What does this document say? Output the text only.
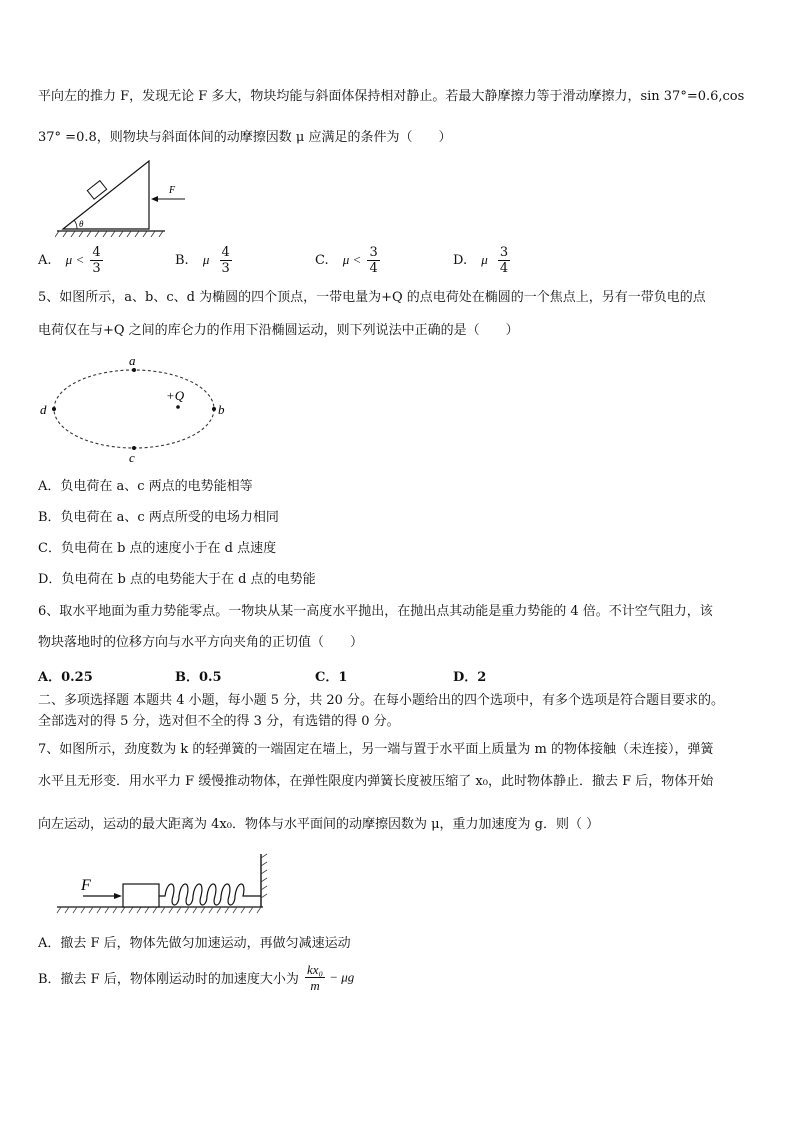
平向左的推力 F，发现无论 F 多大，物块均能与斜面体保持相对静止。若最大静摩擦力等于滑动摩擦力，sin 37°=0.6,cos
37° =0.8，则物块与斜面体间的动摩擦因数 μ 应满足的条件为（　　）
θ
F
A. $\mu < \frac{4}{3}$	B. μ $\frac{4}{3}$	C. $\mu < \frac{3}{4}$	D. μ $\frac{3}{4}$
5、如图所示，a、b、c、d 为椭圆的四个顶点，一带电量为+Q 的点电荷处在椭圆的一个焦点上，另有一带负电的点
电荷仅在与+Q 之间的库仑力的作用下沿椭圆运动，则下列说法中正确的是（　　）
a
b
c
d
+Q
A．负电荷在 a、c 两点的电势能相等
B．负电荷在 a、c 两点所受的电场力相同
C．负电荷在 b 点的速度小于在 d 点速度
D．负电荷在 b 点的电势能大于在 d 点的电势能
6、取水平地面为重力势能零点。一物块从某一高度水平抛出，在抛出点其动能是重力势能的 4 倍。不计空气阻力，该
物块落地时的位移方向与水平方向夹角的正切值（　　）
A．0.25	B．0.5	C．1	D．2
二、多项选择题 本题共 4 小题，每小题 5 分，共 20 分。在每小题给出的四个选项中，有多个选项是符合题目要求的。
全部选对的得 5 分，选对但不全的得 3 分，有选错的得 0 分。
7、如图所示，劲度数为 k 的轻弹簧的一端固定在墙上，另一端与置于水平面上质量为 m 的物体接触（未连接），弹簧
水平且无形变．用水平力 F 缓慢推动物体，在弹性限度内弹簧长度被压缩了 x₀，此时物体静止．撤去 F 后，物体开始
向左运动，运动的最大距离为 4x₀．物体与水平面间的动摩擦因数为 μ，重力加速度为 g．则（ ）
F
A．撤去 F 后，物体先做匀加速运动，再做匀减速运动
B．撤去 F 后，物体刚运动时的加速度大小为 $\frac{\text{kx₀}}{m} - \mu g$
